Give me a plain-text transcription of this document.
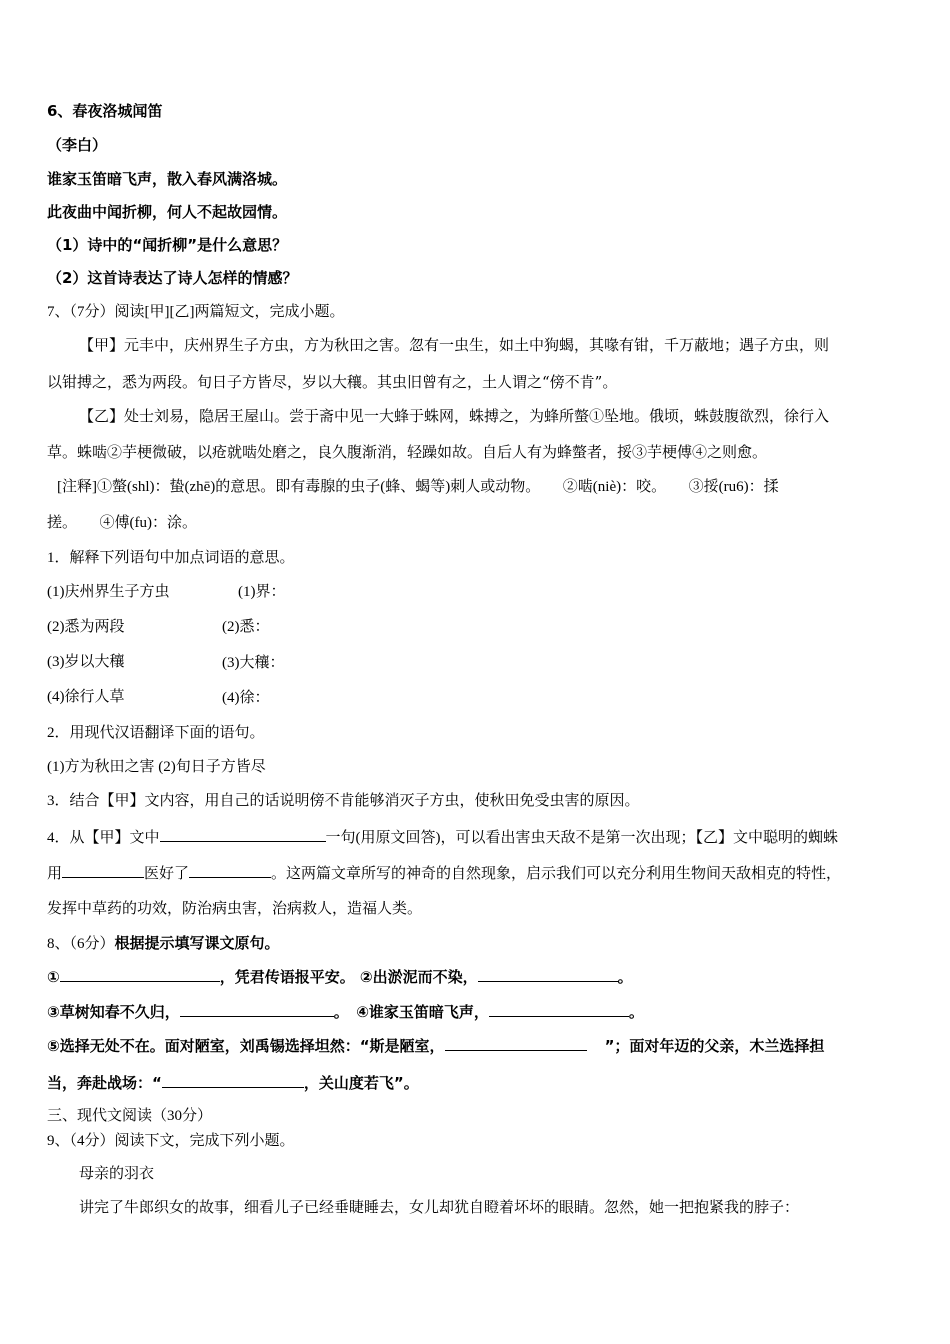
6、春夜洛城闻笛
（李白）
谁家玉笛暗飞声，散入春风满洛城。
此夜曲中闻折柳，何人不起故园情。
（1）诗中的“闻折柳”是什么意思？
（2）这首诗表达了诗人怎样的情感？
7、（7分）阅读[甲][乙]两篇短文，完成小题。
【甲】元丰中，庆州界生子方虫，方为秋田之害。忽有一虫生，如土中狗蝎，其喙有钳，千万蔽地；遇子方虫，则
以钳搏之，悉为两段。旬日子方皆尽，岁以大穰。其虫旧曾有之，土人谓之“傍不肯”。
【乙】处士刘易，隐居王屋山。尝于斋中见一大蜂于蛛网，蛛搏之，为蜂所螫①坠地。俄顷，蛛鼓腹欲烈，徐行入
草。蛛啮②芋梗微破，以疮就啮处磨之，良久腹渐消，轻躁如故。自后人有为蜂螫者，挼③芋梗傅④之则愈。
[注释]①螫(shl)：蛰(zhē)的意思。即有毒腺的虫子(蜂、蝎等)刺人或动物。　　②啮(niè)：咬。　　③挼(ru6)：揉
搓。　　④傅(fu)：涂。
1．解释下列语句中加点词语的意思。
(1)庆州界生子方虫	(1)界：
(2)悉为两段	(2)悉：
(3)岁以大穰	(3)大穰：
(4)徐行人草	(4)徐：
2．用现代汉语翻译下面的语句。
(1)方为秋田之害 (2)旬日子方皆尽
3．结合【甲】文内容，用自己的话说明傍不肯能够消灭子方虫，使秋田免受虫害的原因。
4．从【甲】文中	一句(用原文回答)，可以看出害虫天敌不是第一次出现；【乙】文中聪明的蜘蛛
用	医好了	。这两篇文章所写的神奇的自然现象，启示我们可以充分利用生物间天敌相克的特性，
发挥中草药的功效，防治病虫害，治病救人，造福人类。
8、（6分）根据提示填写课文原句。
①	，凭君传语报平安。 ②出淤泥而不染，	。
③草树知春不久归，	。　④谁家玉笛暗飞声，	。
⑤选择无处不在。面对陋室，刘禹锡选择坦然：“斯是陋室，	”；面对年迈的父亲，木兰选择担
当，奔赴战场：“	，关山度若飞”。
三、现代文阅读（30分）
9、（4分）阅读下文，完成下列小题。
母亲的羽衣
讲完了牛郎织女的故事，细看儿子已经垂睫睡去，女儿却犹自瞪着坏坏的眼睛。忽然，她一把抱紧我的脖子：
